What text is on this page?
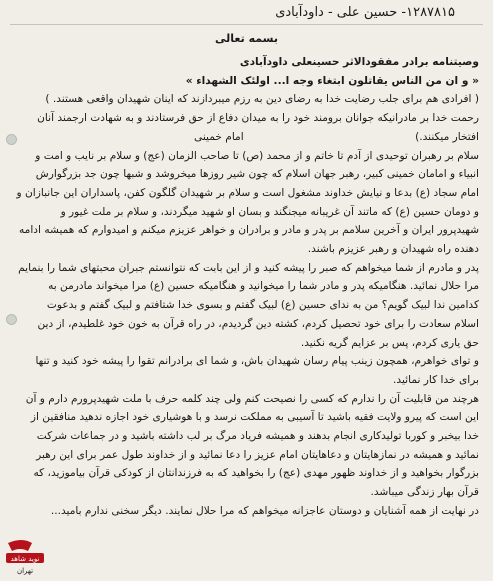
۱۲۸۷۸۱۵- حسین علی - داودآبادی
بسمه تعالی
وصیتنامه برادر مفقودالاثر حسینعلی داودآبادی
« و ان من الناس یقاتلون ابتغاء وجه ا... اولئک الشهداء »
( افرادی هم برای جلب رضایت خدا به رضای دین به رزم میبردازند که اینان شهیدان واقعی هستند. )
رحمت خدا بر مادرانیکه جوانان برومند خود را به میدان دفاع از حق فرستادند و به شهادت ارجمند آنان
افتخار میکنند.)
امام خمینی
سلام بر رهبران توحیدی از آدم تا خاتم و از محمد (ص) تا صاحب الزمان (عج) و سلام بر نایب و امت و
انبیاء و امامان خمینی کبیر، رهبر جهان اسلام که چون شیر روزها میخروشد و شبها چون جد بزرگوارش
امام سجاد (ع) بدعا و نیایش خداوند مشغول است و سلام بر شهیدان گلگون کفن، پاسداران این جانبازان و
و دومان حسین (ع) که ماتند آن غریبانه میجنگند و بسان او شهید میگردند، و سلام بر ملت غیور و
شهیدپرور ایران و آخرین سلامم بر پدر و مادر و برادران و خواهر عزیزم میکنم و امیدوارم که همیشه ادامه
دهنده راه شهیدان و رهبر عزیزم باشند.
پدر و مادرم از شما میخواهم که صبر را پیشه کنید و از این بابت که نتوانستم جبران محبتهای شما را بنمایم
مرا حلال نمائید. هنگامیکه پدر و مادر شما را میخوانید و هنگامیکه حسین (ع) مرا میخواند مادرمن به
کدامین ندا لبیک گویم؟ من به ندای حسین (ع) لبیک گفتم و بسوی خدا شتافتم و لبیک گفتم و بدعوت
اسلام سعادت را برای خود تحصیل کردم، کشته دین گردیدم، در راه قرآن به خون خود غلطیدم، از دین
حق یاری کردم، پس بر عزایم گریه نکنید.
و توای خواهرم، همچون زینب پیام رسان شهیدان باش، و شما ای برادرانم تقوا را پیشه خود کنید و تنها
برای خدا کار نمائید.
هرچند من قابلیت آن را ندارم که کسی را نصیحت کنم ولی چند کلمه حرف با ملت شهیدپرورم دارم و آن
این است که پیرو ولایت فقیه باشید تا آسیبی به مملکت نرسد و با هوشیاری خود اجازه ندهید منافقین از
خدا بیخبر و کوربا تولیدکاری انجام بدهند و همیشه فریاد مرگ بر لب داشته باشید و در جماعات شرکت
نمائید و همیشه در نمازهایتان و دعاهایتان امام عزیز را دعا نمائید و از خداوند طول عمر برای این رهبر
بزرگوار بخواهید و از خداوند ظهور مهدی (عج) را بخواهید که به فرزندانتان از کودکی قرآن بیاموزید، که
قرآن بهار زندگی میباشد.
در نهایت از همه آشنایان و دوستان عاجزانه میخواهم که مرا حلال نمایند. دیگر سخنی ندارم بامید...
نوید شاهد
تهران
